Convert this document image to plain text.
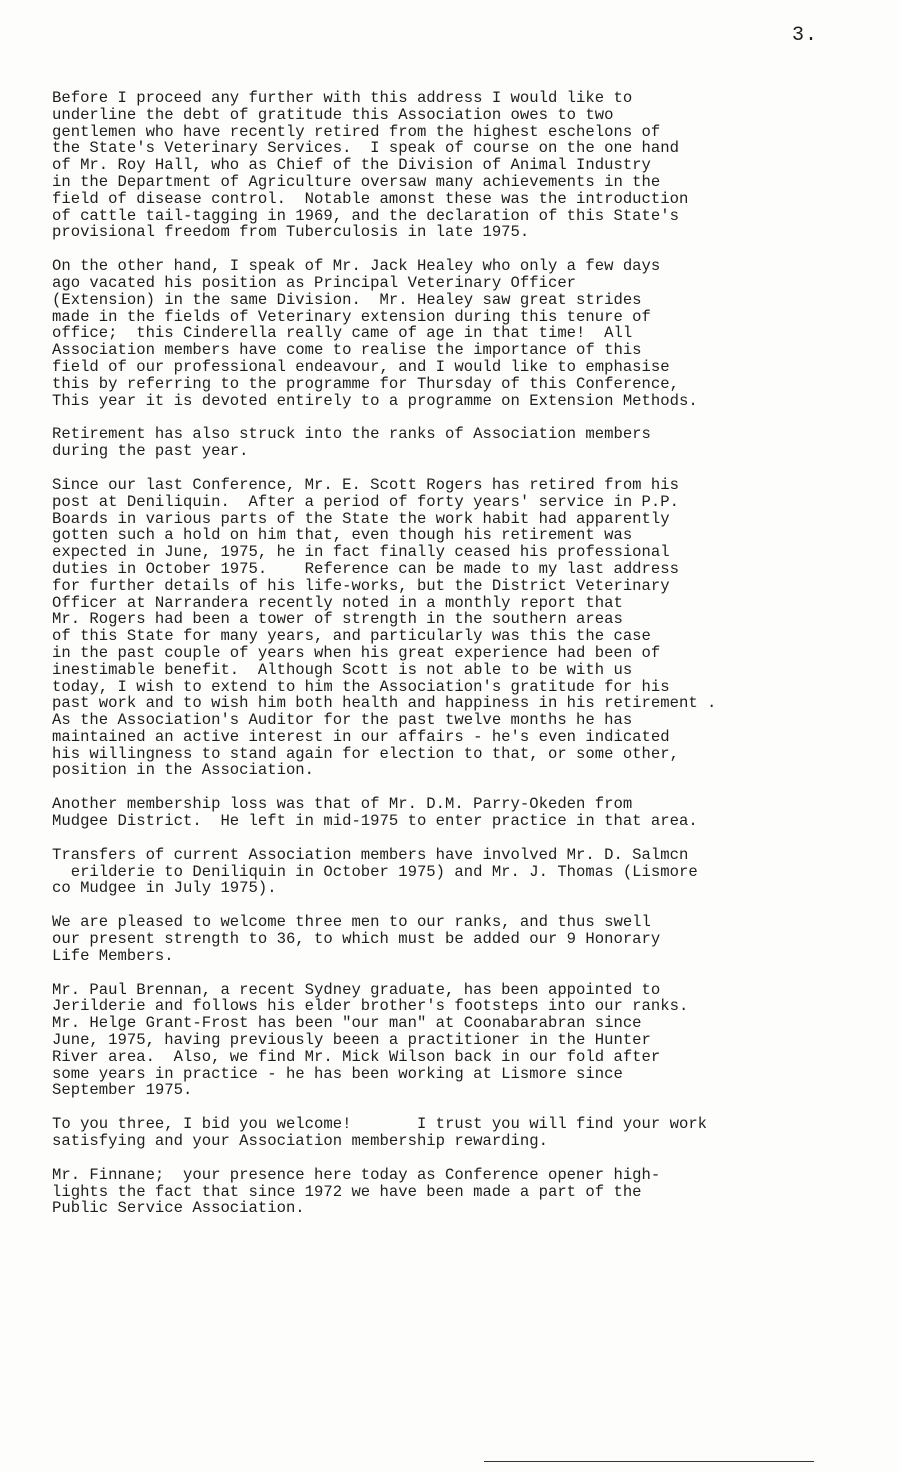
3.
Before I proceed any further with this address I would like to
underline the debt of gratitude this Association owes to two
gentlemen who have recently retired from the highest eschelons of
the State's Veterinary Services.  I speak of course on the one hand
of Mr. Roy Hall, who as Chief of the Division of Animal Industry
in the Department of Agriculture oversaw many achievements in the
field of disease control.  Notable amonst these was the introduction
of cattle tail-tagging in 1969, and the declaration of this State's
provisional freedom from Tuberculosis in late 1975.
On the other hand, I speak of Mr. Jack Healey who only a few days
ago vacated his position as Principal Veterinary Officer
(Extension) in the same Division.  Mr. Healey saw great strides
made in the fields of Veterinary extension during this tenure of
office;  this Cinderella really came of age in that time!  All
Association members have come to realise the importance of this
field of our professional endeavour, and I would like to emphasise
this by referring to the programme for Thursday of this Conference,
This year it is devoted entirely to a programme on Extension Methods.
Retirement has also struck into the ranks of Association members
during the past year.
Since our last Conference, Mr. E. Scott Rogers has retired from his
post at Deniliquin.  After a period of forty years' service in P.P.
Boards in various parts of the State the work habit had apparently
gotten such a hold on him that, even though his retirement was
expected in June, 1975, he in fact finally ceased his professional
duties in October 1975.    Reference can be made to my last address
for further details of his life-works, but the District Veterinary
Officer at Narrandera recently noted in a monthly report that
Mr. Rogers had been a tower of strength in the southern areas
of this State for many years, and particularly was this the case
in the past couple of years when his great experience had been of
inestimable benefit.  Although Scott is not able to be with us
today, I wish to extend to him the Association's gratitude for his
past work and to wish him both health and happiness in his retirement .
As the Association's Auditor for the past twelve months he has
maintained an active interest in our affairs - he's even indicated
his willingness to stand again for election to that, or some other,
position in the Association.
Another membership loss was that of Mr. D.M. Parry-Okeden from
Mudgee District.  He left in mid-1975 to enter practice in that area.
Transfers of current Association members have involved Mr. D. Salmcn
erilderie to Deniliquin in October 1975) and Mr. J. Thomas (Lismore
co Mudgee in July 1975).
We are pleased to welcome three men to our ranks, and thus swell
our present strength to 36, to which must be added our 9 Honorary
Life Members.
Mr. Paul Brennan, a recent Sydney graduate, has been appointed to
Jerilderie and follows his elder brother's footsteps into our ranks.
Mr. Helge Grant-Frost has been "our man" at Coonabarabran since
June, 1975, having previously beeen a practitioner in the Hunter
River area.  Also, we find Mr. Mick Wilson back in our fold after
some years in practice - he has been working at Lismore since
September 1975.
To you three, I bid you welcome!       I trust you will find your work
satisfying and your Association membership rewarding.
Mr. Finnane;  your presence here today as Conference opener high-
lights the fact that since 1972 we have been made a part of the
Public Service Association.
